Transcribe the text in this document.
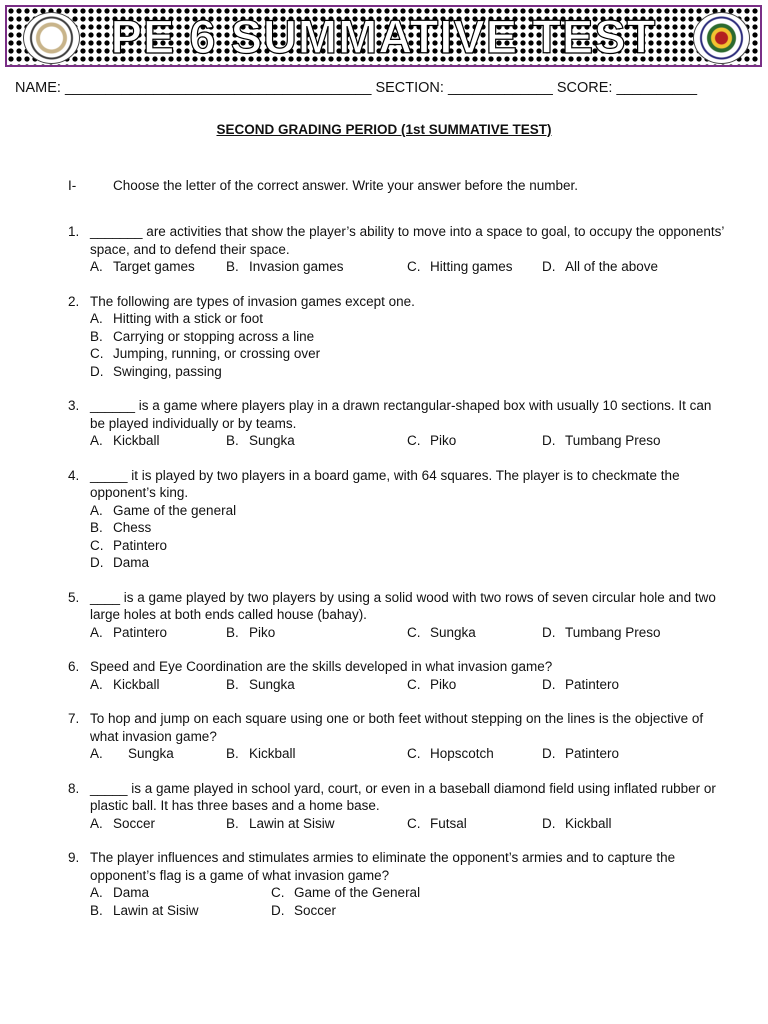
PE 6 SUMMATIVE TEST
NAME: ______________________________________ SECTION: _____________ SCORE: __________
SECOND GRADING PERIOD (1st SUMMATIVE TEST)
I-	Choose the letter of the correct answer. Write your answer before the number.
1. _______ are activities that show the player’s ability to move into a space to goal, to occupy the opponents’ space, and to defend their space.
A. Target games B. Invasion games	C. Hitting games D. All of the above
2. The following are types of invasion games except one.
A. Hitting with a stick or foot
B. Carrying or stopping across a line
C. Jumping, running, or crossing over
D. Swinging, passing
3. ______ is a game where players play in a drawn rectangular-shaped box with usually 10 sections. It can be played individually or by teams.
A. Kickball	B. Sungka	C. Piko	D. Tumbang Preso
4. _____ it is played by two players in a board game, with 64 squares. The player is to checkmate the opponent’s king.
A. Game of the general
B. Chess
C. Patintero
D. Dama
5. ____ is a game played by two players by using a solid wood with two rows of seven circular hole and two large holes at both ends called house (bahay).
A. Patintero	B. Piko	C. Sungka	D. Tumbang Preso
6. Speed and Eye Coordination are the skills developed in what invasion game?
A. Kickball	B. Sungka	C. Piko	D. Patintero
7. To hop and jump on each square using one or both feet without stepping on the lines is the objective of what invasion game?
A.    Sungka	B. Kickball	C. Hopscotch	D. Patintero
8. _____ is a game played in school yard, court, or even in a baseball diamond field using inflated rubber or plastic ball. It has three bases and a home base.
A. Soccer	B. Lawin at Sisiw	C. Futsal	D. Kickball
9. The player influences and stimulates armies to eliminate the opponent’s armies and to capture the opponent’s flag is a game of what invasion game?
A. Dama	C. Game of the General
B. Lawin at Sisiw	D. Soccer
